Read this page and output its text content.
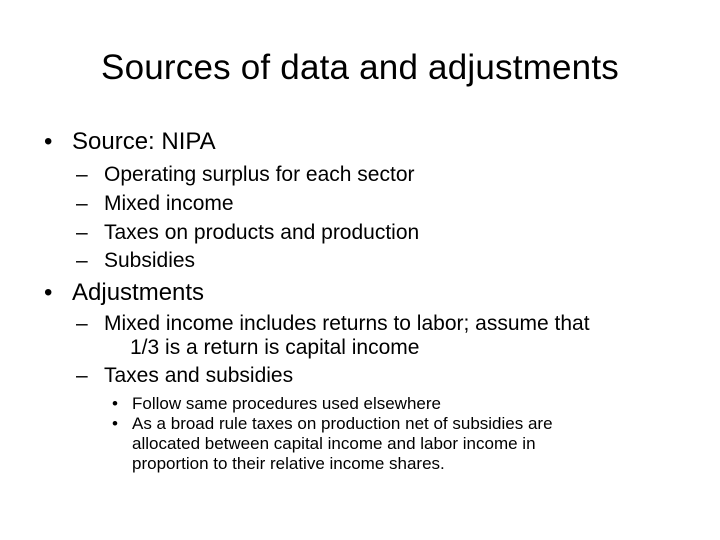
Sources of data and adjustments
• Source: NIPA
– Operating surplus for each sector
– Mixed income
– Taxes on products and production
– Subsidies
• Adjustments
– Mixed income includes returns to labor; assume that
1/3 is a return is capital income
– Taxes and subsidies
• Follow same procedures used elsewhere
• As a broad rule taxes on production net of subsidies are
allocated between capital income and labor income in
proportion to their relative income shares.
